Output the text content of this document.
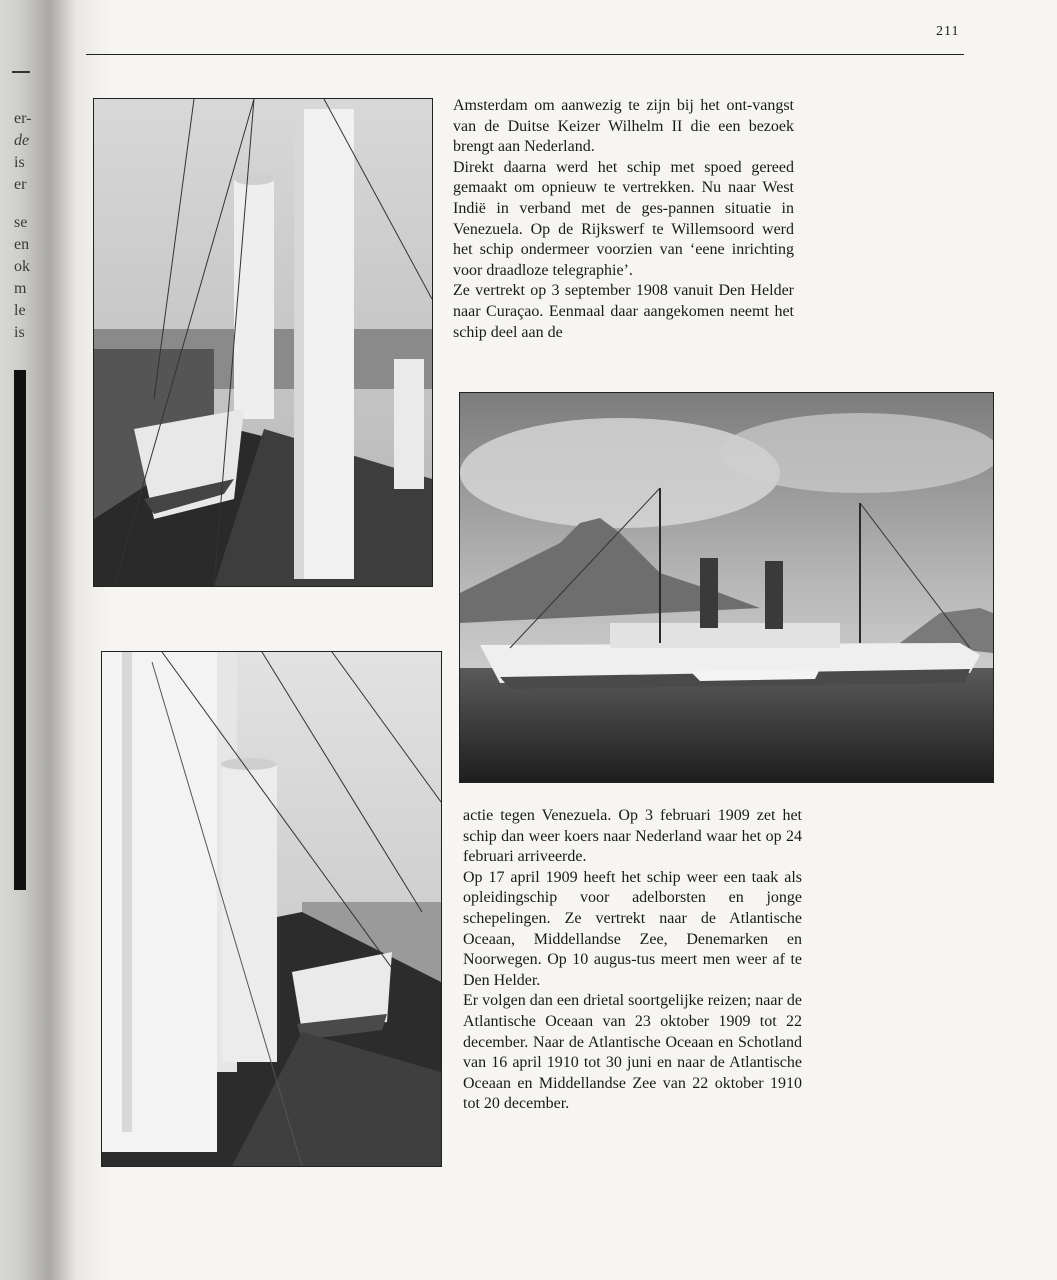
er-
de
is
er
se
en
ok
m
le
is
211

Amsterdam om aanwezig te zijn bij het ont-vangst van de Duitse Keizer Wilhelm II die een bezoek brengt aan Nederland.

Direkt daarna werd het schip met spoed gereed gemaakt om opnieuw te vertrekken. Nu naar West Indië in verband met de ges-pannen situatie in Venezuela. Op de Rijkswerf te Willemsoord werd het schip ondermeer voorzien van ‘eene inrichting voor draadloze telegraphie’.

Ze vertrekt op 3 september 1908 vanuit Den Helder naar Curaçao. Eenmaal daar aangekomen neemt het schip deel aan de

actie tegen Venezuela. Op 3 februari 1909 zet het schip dan weer koers naar Nederland waar het op 24 februari arriveerde.

Op 17 april 1909 heeft het schip weer een taak als opleidingschip voor adelborsten en jonge schepelingen. Ze vertrekt naar de Atlantische Oceaan, Middellandse Zee, Denemarken en Noorwegen. Op 10 augus-tus meert men weer af te Den Helder.

Er volgen dan een drietal soortgelijke reizen; naar de Atlantische Oceaan van 23 oktober 1909 tot 22 december. Naar de Atlantische Oceaan en Schotland van 16 april 1910 tot 30 juni en naar de Atlantische Oceaan en Middellandse Zee van 22 oktober 1910 tot 20 december.
